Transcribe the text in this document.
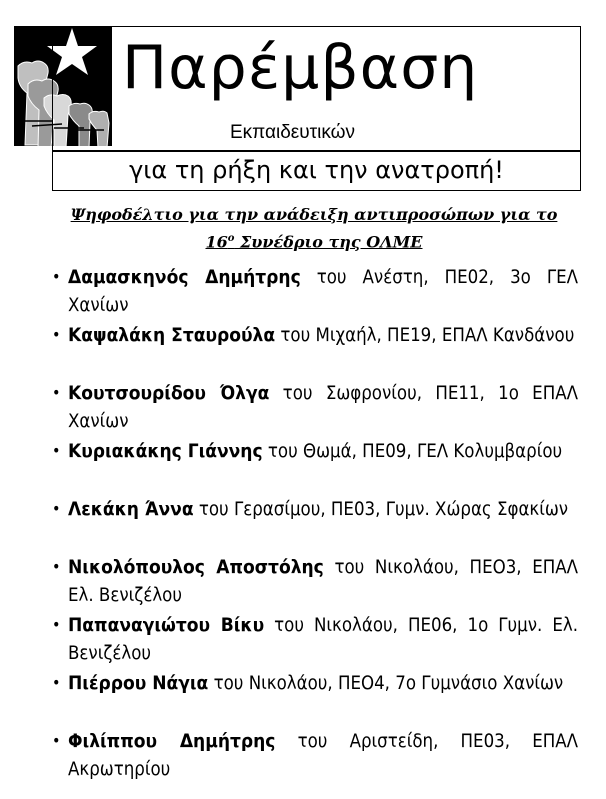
Παρέμβαση
Εκπαιδευτικών
για τη ρήξη και την ανατροπή!
Ψηφοδέλτιο για την ανάδειξη αντιπροσώπων για το
$16^o$ Συνέδριο της ΟΛΜΕ
• Δαμασκηνός Δημήτρης του Ανέστη, ΠΕ02, 3ο ΓΕΛ Χανίων
• Καψαλάκη Σταυρούλα του Μιχαήλ, ΠΕ19, ΕΠΑΛ Κανδάνου
• Κουτσουρίδου Όλγα του Σωφρονίου, ΠΕ11, 1ο ΕΠΑΛ Χανίων
• Κυριακάκης Γιάννης του Θωμά, ΠΕ09, ΓΕΛ Κολυμβαρίου
• Λεκάκη Άννα του Γερασίμου, ΠΕ03, Γυμν. Χώρας Σφακίων
• Νικολόπουλος Αποστόλης του Νικολάου, ΠΕΟ3, ΕΠΑΛ Ελ. Βενιζέλου
• Παπαναγιώτου Βίκυ του Νικολάου, ΠΕ06, 1ο Γυμν. Ελ. Βενιζέλου
• Πιέρρου Νάγια του Νικολάου, ΠΕΟ4, 7ο Γυμνάσιο Χανίων
• Φιλίππου Δημήτρης του Αριστείδη, ΠΕ03, ΕΠΑΛ Ακρωτηρίου
